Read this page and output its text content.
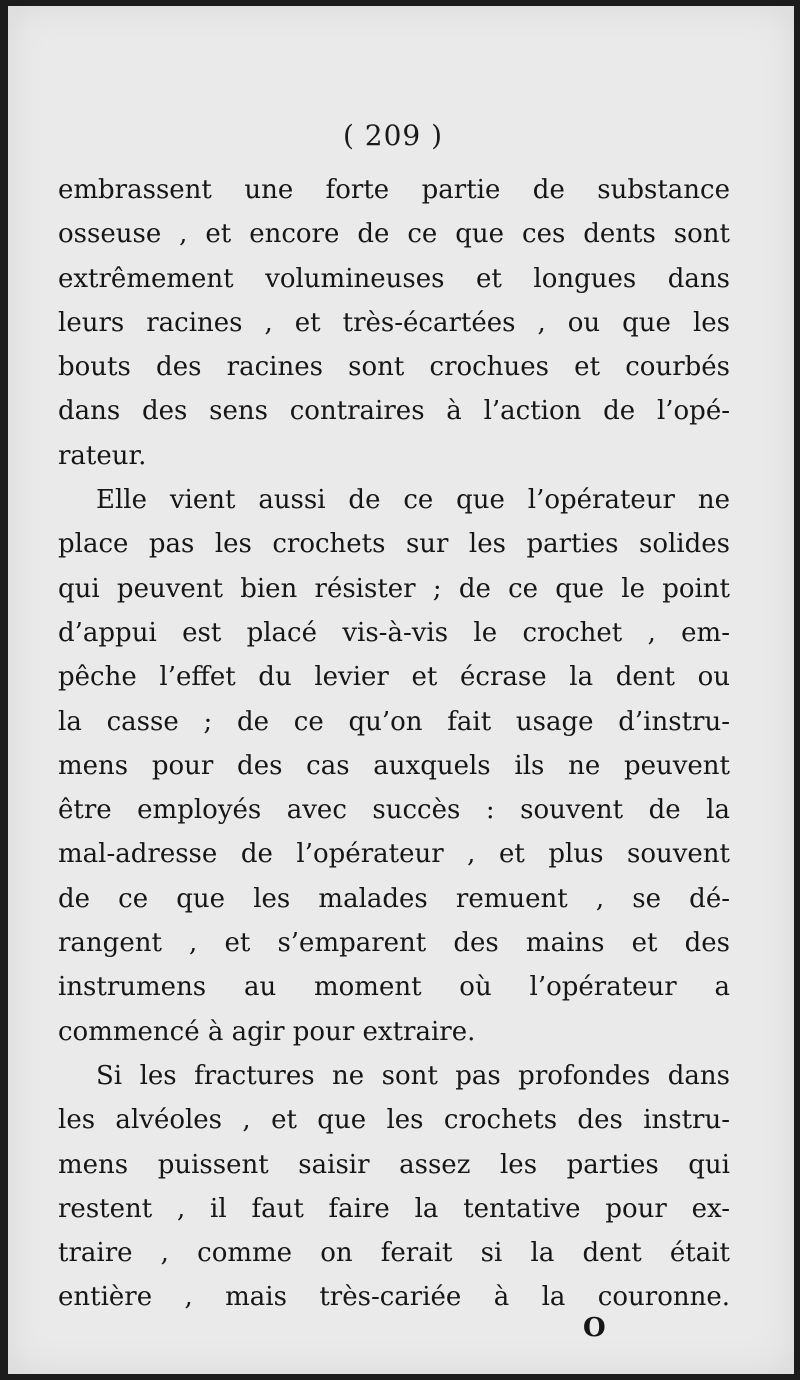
( 209 )
embrassent une forte partie de substance
osseuse , et encore de ce que ces dents sont
extrêmement volumineuses et longues dans
leurs racines , et très-écartées , ou que les
bouts des racines sont crochues et courbés
dans des sens contraires à l’action de l’opé-
rateur.
Elle vient aussi de ce que l’opérateur ne
place pas les crochets sur les parties solides
qui peuvent bien résister ; de ce que le point
d’appui est placé vis-à-vis le crochet , em-
pêche l’effet du levier et écrase la dent ou
la casse ; de ce qu’on fait usage d’instru-
mens pour des cas auxquels ils ne peuvent
être employés avec succès : souvent de la
mal-adresse de l’opérateur , et plus souvent
de ce que les malades remuent , se dé-
rangent , et s’emparent des mains et des
instrumens au moment où l’opérateur a
commencé à agir pour extraire.
Si les fractures ne sont pas profondes dans
les alvéoles , et que les crochets des instru-
mens puissent saisir assez les parties qui
restent , il faut faire la tentative pour ex-
traire , comme on ferait si la dent était
entière , mais très-cariée à la couronne.
O
